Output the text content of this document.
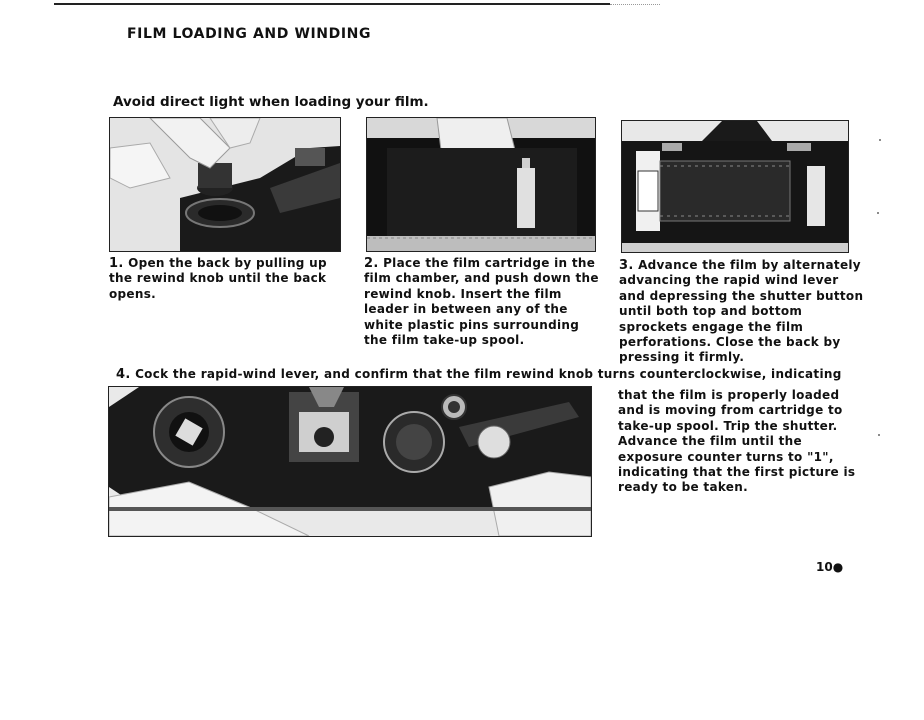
FILM LOADING AND WINDING
Avoid direct light when loading your film.
1. Open the back by pulling up the rewind knob until the back opens.
2. Place the film cartridge in the film chamber, and push down the rewind knob. Insert the film leader in between any of the white plastic pins surrounding the film take-up spool.
3. Advance the film by alternately advancing the rapid wind lever and depressing the shutter button until both top and bottom sprockets engage the film perforations. Close the back by pressing it firmly.
4. Cock the rapid-wind lever, and confirm that the film rewind knob turns counterclockwise, indicating
that the film is properly loaded and is moving from cartridge to take-up spool. Trip the shutter. Advance the film until the exposure counter turns to "1", indicating that the first picture is ready to be taken.
10●
